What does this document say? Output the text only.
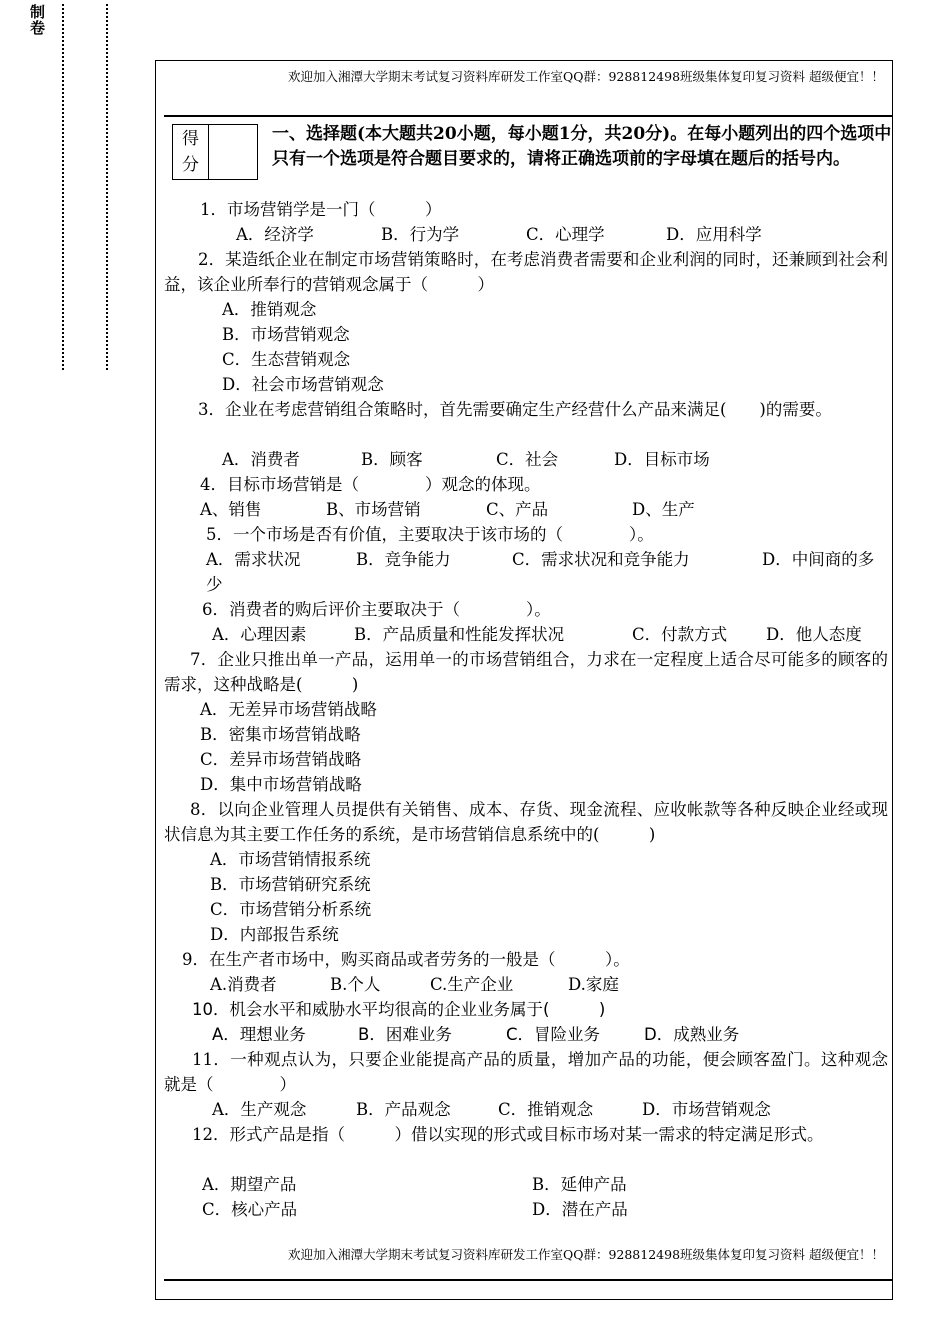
制卷
欢迎加入湘潭大学期末考试复习资料库研发工作室QQ群：928812498班级集体复印复习资料 超级便宜！！
得
分
一、选择题(本大题共20小题，每小题1分，共20分)。在每小题列出的四个选项中只有一个选项是符合题目要求的，请将正确选项前的字母填在题后的括号内。
1．市场营销学是一门（　　　）
A．经济学	B．行为学	C．心理学	D．应用科学
2．某造纸企业在制定市场营销策略时，在考虑消费者需要和企业利润的同时，还兼顾到社会利益，该企业所奉行的营销观念属于（　　　）
A．推销观念
B．市场营销观念
C．生态营销观念
D．社会市场营销观念
3．企业在考虑营销组合策略时，首先需要确定生产经营什么产品来满足(　　)的需要。
A．消费者	B．顾客	C．社会	D．目标市场
4．目标市场营销是（　　　　）观念的体现。
A、销售	B、市场营销	C、产品	D、生产
5．一个市场是否有价值，主要取决于该市场的（　　　　）。
A．需求状况	B．竞争能力	C．需求状况和竞争能力	D．中间商的多
少
6．消费者的购后评价主要取决于（　　　　）。
A．心理因素	B．产品质量和性能发挥状况	C．付款方式 D．他人态度
7．企业只推出单一产品，运用单一的市场营销组合，力求在一定程度上适合尽可能多的顾客的需求，这种战略是(　　　)
A．无差异市场营销战略
B．密集市场营销战略
C．差异市场营销战略
D．集中市场营销战略
8．以向企业管理人员提供有关销售、成本、存货、现金流程、应收帐款等各种反映企业经或现状信息为其主要工作任务的系统，是市场营销信息系统中的(　　　)
A．市场营销情报系统
B．市场营销研究系统
C．市场营销分析系统
D．内部报告系统
9．在生产者市场中，购买商品或者劳务的一般是（　　　）。
A.消费者	B.个人	C.生产企业	D.家庭
10．机会水平和威胁水平均很高的企业业务属于(　　　)
A．理想业务	B．困难业务	C．冒险业务	D．成熟业务
11．一种观点认为，只要企业能提高产品的质量，增加产品的功能，便会顾客盈门。这种观念就是（　　　　）
A．生产观念	B．产品观念	C．推销观念	D．市场营销观念
12．形式产品是指（　　　）借以实现的形式或目标市场对某一需求的特定满足形式。
A．期望产品	B．延伸产品
C．核心产品	D．潜在产品
欢迎加入湘潭大学期末考试复习资料库研发工作室QQ群：928812498班级集体复印复习资料 超级便宜！！
